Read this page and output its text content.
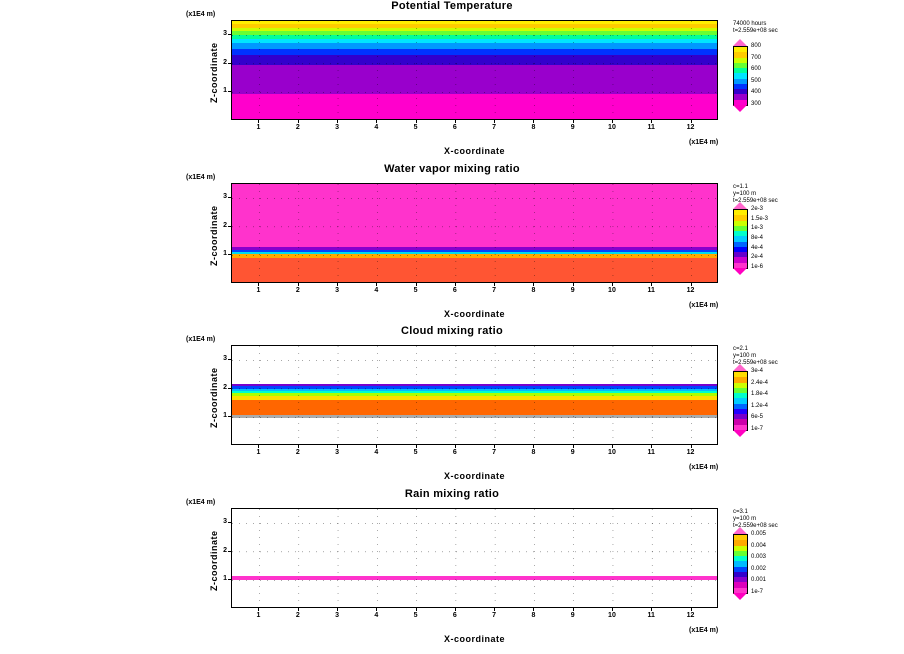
Potential Temperature
(x1E4 m)
(x1E4 m)
Z-coordinate
X-coordinate
1	2	3	4	5	6	7	8	9	10	11	12
1
2
3
74000 hours
t=2.559e+08 sec
800
700
600
500
400
300
Water vapor mixing ratio
(x1E4 m)
(x1E4 m)
Z-coordinate
X-coordinate
1	2	3	4	5	6	7	8	9	10	11	12
1
2
3
c=1.1
y=100 m
t=2.559e+08 sec
2e-3
1.5e-3
1e-3
8e-4
4e-4
2e-4
1e-6
Cloud mixing ratio
(x1E4 m)
(x1E4 m)
Z-coordinate
X-coordinate
1	2	3	4	5	6	7	8	9	10	11	12
1
2
3
c=2.1
y=100 m
t=2.559e+08 sec
3e-4
2.4e-4
1.8e-4
1.2e-4
6e-5
1e-7
Rain mixing ratio
(x1E4 m)
(x1E4 m)
Z-coordinate
X-coordinate
1	2	3	4	5	6	7	8	9	10	11	12
1
2
3
c=3.1
y=100 m
t=2.559e+08 sec
0.005
0.004
0.003
0.002
0.001
1e-7
